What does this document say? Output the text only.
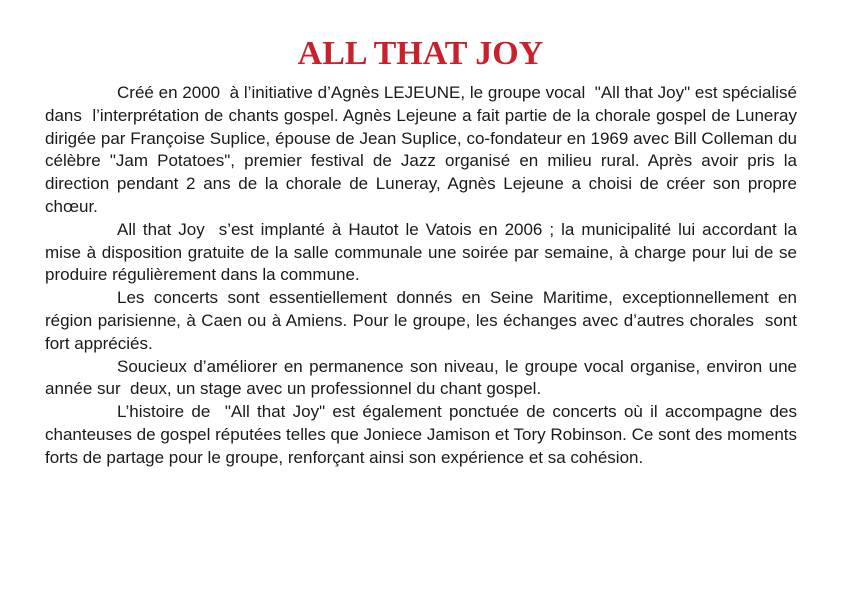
ALL THAT JOY

Créé en 2000  à l’initiative d’Agnès LEJEUNE, le groupe vocal  "All that Joy" est spécialisé dans  l’interprétation de chants gospel. Agnès Lejeune a fait partie de la chorale gospel de Luneray dirigée par Françoise Suplice, épouse de Jean Suplice, co-fondateur en 1969 avec Bill Colleman du célèbre "Jam Potatoes", premier festival de Jazz organisé en milieu rural. Après avoir pris la direction pendant 2 ans de la chorale de Luneray, Agnès Lejeune a choisi de créer son propre chœur.

All that Joy  s’est implanté à Hautot le Vatois en 2006 ; la municipalité lui accordant la mise à disposition gratuite de la salle communale une soirée par semaine, à charge pour lui de se produire régulièrement dans la commune.

Les concerts sont essentiellement donnés en Seine Maritime, exceptionnellement en région parisienne, à Caen ou à Amiens. Pour le groupe, les échanges avec d’autres chorales  sont fort appréciés.

Soucieux d’améliorer en permanence son niveau, le groupe vocal organise, environ une année sur  deux, un stage avec un professionnel du chant gospel.

L’histoire de  "All that Joy" est également ponctuée de concerts où il accompagne des chanteuses de gospel réputées telles que Joniece Jamison et Tory Robinson. Ce sont des moments forts de partage pour le groupe, renforçant ainsi son expérience et sa cohésion.
